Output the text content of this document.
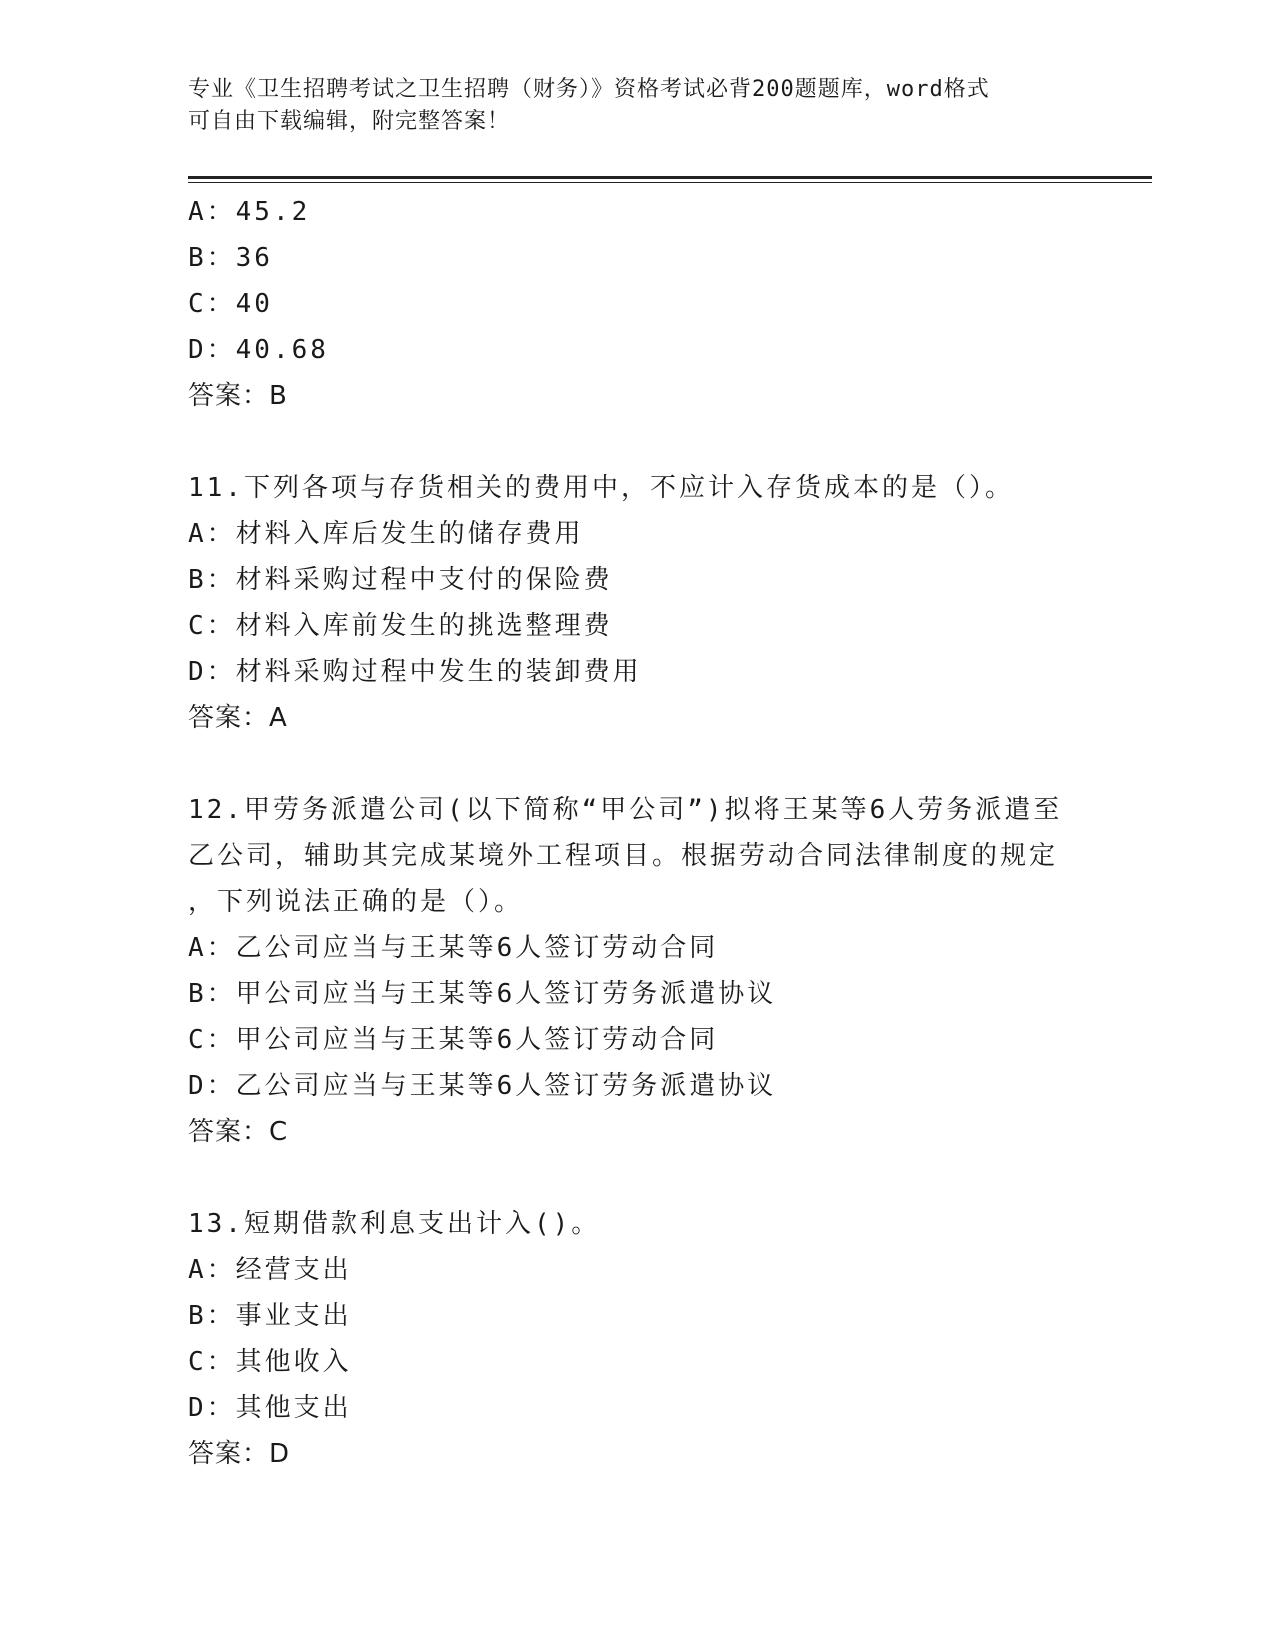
专业《卫生招聘考试之卫生招聘（财务）》资格考试必背200题题库，word格式
可自由下载编辑，附完整答案！
A：45.2
B：36
C：40
D：40.68
答案：B
11.下列各项与存货相关的费用中，不应计入存货成本的是（）。
A：材料入库后发生的储存费用
B：材料采购过程中支付的保险费
C：材料入库前发生的挑选整理费
D：材料采购过程中发生的装卸费用
答案：A
12.甲劳务派遣公司(以下简称“甲公司”)拟将王某等6人劳务派遣至
乙公司，辅助其完成某境外工程项目。根据劳动合同法律制度的规定
，下列说法正确的是（）。
A：乙公司应当与王某等6人签订劳动合同
B：甲公司应当与王某等6人签订劳务派遣协议
C：甲公司应当与王某等6人签订劳动合同
D：乙公司应当与王某等6人签订劳务派遣协议
答案：C
13.短期借款利息支出计入()。
A：经营支出
B：事业支出
C：其他收入
D：其他支出
答案：D
